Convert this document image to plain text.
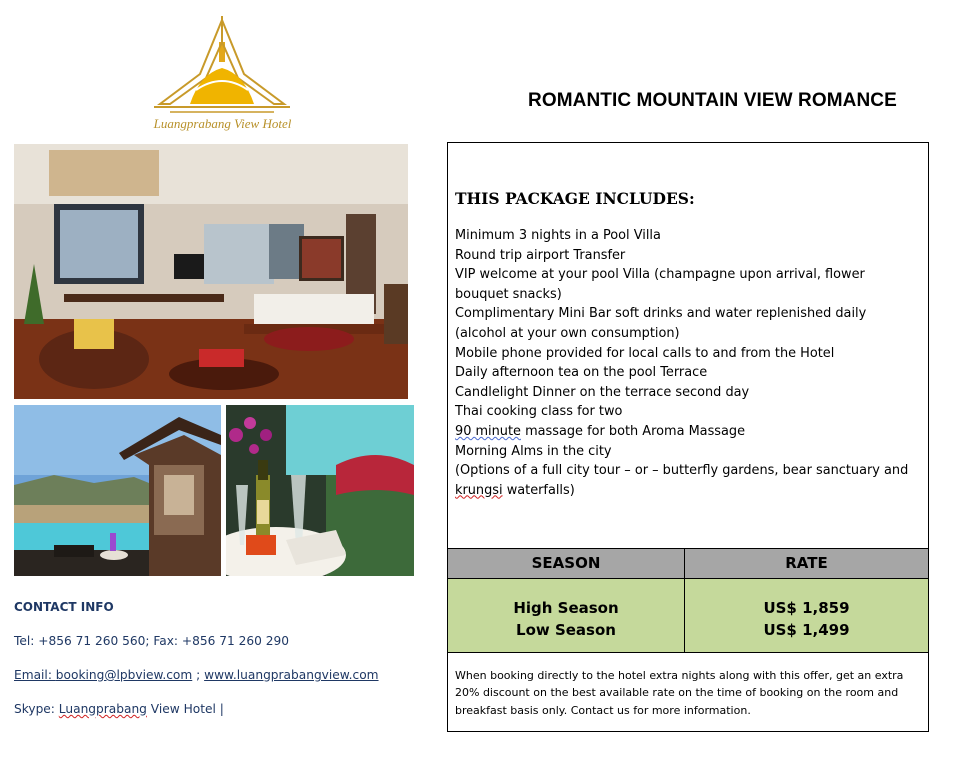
Luangprabang View Hotel
ROMANTIC MOUNTAIN VIEW ROMANCE
CONTACT INFO
Tel: +856 71 260 560; Fax: +856 71 260 290
Email: booking@lpbview.com ; www.luangprabangview.com
Skype: Luangprabang View Hotel |
THIS PACKAGE INCLUDES:
Minimum 3 nights in a Pool Villa
Round trip airport Transfer
VIP welcome at your pool Villa (champagne upon arrival, flower
bouquet snacks)
Complimentary Mini Bar soft drinks and water replenished daily
(alcohol at your own consumption)
Mobile phone provided for local calls to and from the Hotel
Daily afternoon tea on the pool Terrace
Candlelight Dinner on the terrace second day
Thai cooking class for two
90 minute massage for both Aroma Massage
Morning Alms in the city
(Options of a full city tour – or – butterfly gardens, bear sanctuary and
krungsi waterfalls)
SEASON	RATE
High Season
Low Season
US$ 1,859
US$ 1,499
When booking directly to the hotel extra nights along with this offer, get an extra 20% discount on the best available rate on the time of booking on the room and breakfast basis only. Contact us for more information.
